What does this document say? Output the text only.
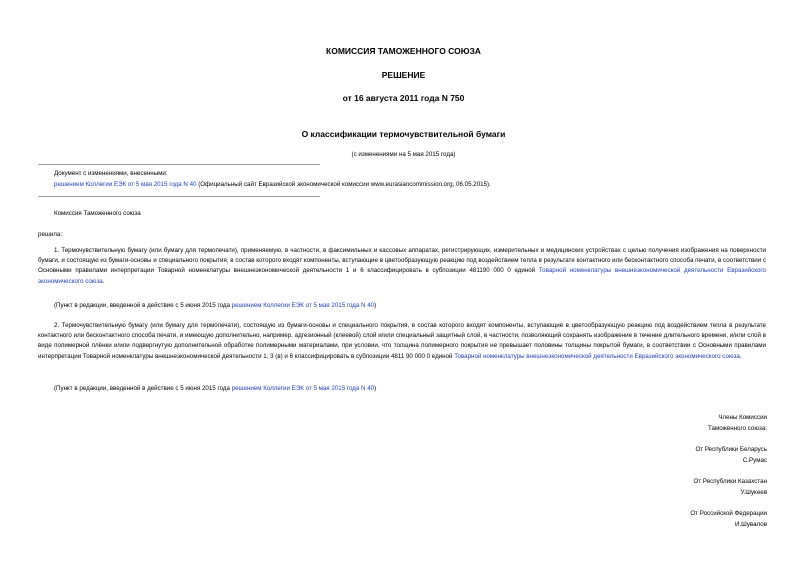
КОМИССИЯ ТАМОЖЕННОГО СОЮЗА
РЕШЕНИЕ
от 16 августа 2011 года N 750
О классификации термочувствительной бумаги
(с изменениями на 5 мая 2015 года)
Документ с изменениями, внесенными:
решением Коллегии ЕЭК от 5 мая 2015 года N 40 (Официальный сайт Евразийской экономической комиссии www.eurasiancommission.org, 06.05.2015).
Комиссия Таможенного союза
решила:
1. Термочувствительную бумагу (или бумагу для термопечати), применяемую, в частности, в факсимильных и кассовых аппаратах, регистрирующих, измерительных и медицинских устройствах с целью получения изображения на поверхности бумаги, и состоящую из бумаги-основы и специального покрытия, в состав которого входят компоненты, вступающие в цветообразующую реакцию под воздействием тепла в результате контактного или бесконтактного способа печати, в соответствии с Основными правилами интерпретации Товарной номенклатуры внешнеэкономической деятельности 1 и 6 классифицировать в субпозиции 481190 000 0 единой Товарной номенклатуры внешнеэкономической деятельности Евразийского экономического союза.
(Пункт в редакции, введенной в действие с 5 июня 2015 года решением Коллегии ЕЭК от 5 мая 2015 года N 40)
2. Термочувствительную бумагу (или бумагу для термопечати), состоящую из бумаги-основы и специального покрытия, в состав которого входят компоненты, вступающие в цветообразующую реакцию под воздействием тепла в результате контактного или бесконтактного способа печати, и имеющую дополнительно, например, адгезионный (клеевой) слой и/или специальный защитный слой, в частности, позволяющий сохранять изображение в течение длительного времени, и/или слой в виде полимерной плёнки и/или подвергнутую дополнительной обработке полимерными материалами, при условии, что толщина полимерного покрытия не превышает половины толщины покрытой бумаги, в соответствии с Основными правилами интерпретации Товарной номенклатуры внешнеэкономической деятельности 1, 3 (в) и 6 классифицировать в субпозиции 4811 90 000 0 единой Товарной номенклатуры внешнеэкономической деятельности Евразийского экономического союза.
(Пункт в редакции, введенной в действие с 5 июня 2015 года решением Коллегии ЕЭК от 5 мая 2015 года N 40)
Члены Комиссии
Таможенного союза:
От Республики Беларусь
С.Румас
От Республики Казахстан
У.Шукеев
От Российской Федерации
И.Шувалов
